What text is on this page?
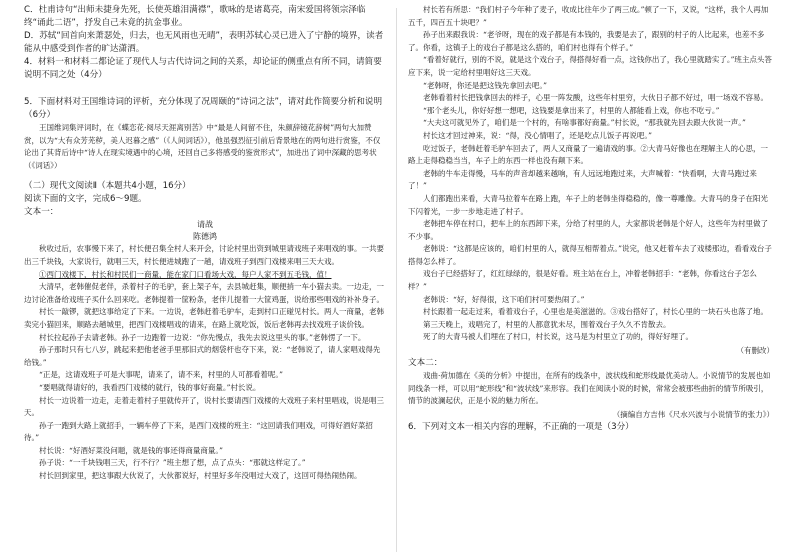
C．杜甫诗句“出师未捷身先死，长使英雄泪满襟”，歌咏的是诸葛亮，南宋爱国将领宗泽临终“诵此二语”，抒发自己未竟的抗金事业。

D．苏轼“回首向来萧瑟处，归去，也无风雨也无晴”，表明苏轼心灵已进入了宁静的境界，读者能从中感受到作者的旷达潇洒。

4．材料一和材料二都论证了现代人与古代诗词之间的关系，却论证的侧重点有所不同，请简要说明不同之处（4分）

5．下面材料对王国维诗词的评析，充分体现了况周颐的“诗词之法”，请对此作简要分析和说明（6分）

王国维词集评词时，在《蝶恋花·阅尽天涯离别苦》中“最是人间留不住，朱颜辞镜花辞树”两句大加赞赏，以为“大有众芳芜秽，美人迟暮之感”（《人间词话》），他虽强烈征引前后背景地在的两句进行赏鉴，不仅论出了其背后诗中“诗人在现实境遇中的心境，还回自己多将感受的鉴赏形式”，加进出了词中深藏的思考状（《词话》）

（二）现代文阅读Ⅱ（本题共4小题，16分）

阅读下面的文字，完成6～9题。

文本一：

请战

陈德鸿

秋收过后，农事慢下来了，村长便召集全村人来开会，讨论村里出资到城里请戏班子来唱戏的事。一共要出三千块钱，大家说行，就唱三天，村长便进城跑了一趟，请戏班子到西门戏楼来唱三天大戏。

①西门戏楼下，村长和村民们一商量，能在家门口看场大戏，每户人家不到五毛钱，值！

大清早，老韩催促老伴，杀着村子的毛驴，套上架子车，去县城赶集，顺便捎一车小猫去卖。一边走，一边讨论准备给戏班子买什么回来吃。老韩提着一筐粉条，老伴儿提着一大筐鸡蛋，说给那些唱戏的补补身子。

村长一敲锣，就把这事给定了下来。一边说，老韩赶着毛驴车，走到村口正碰见村长。两人一商量，老韩卖完小猫回来，顺路去趟城里，把西门戏楼唱戏的请来，在路上就吃饭，饭后老韩再去找戏班子谈价钱。

村长拉起孙子去请老韩。孙子一边跑着一边说：“你先慢点，我先去说这里头的事。”老韩愣了一下。

孙子那时只有七八岁，跳起来把他老爸手里那旧式的烟袋杆也夺下来，说：“老韩说了，请人家唱戏得先给钱。”

“正是，这请戏班子可是大事呢，请来了，请不来，村里的人可都看着呢。”

“要唱就得请好的，我看西门戏楼的就行，钱的事好商量。”村长说。

村长一边说着一边走，走着走着村子里就传开了，说村长要请西门戏楼的大戏班子来村里唱戏，说是唱三天。

孙子一跑到大路上就招手，一辆车停了下来，是西门戏楼的班主：“这回请我们唱戏，可得好酒好菜招待。”

村长说：“好酒好菜没问题，就是钱的事还得商量商量。”

孙子说：“一千块钱唱三天，行不行？”班主想了想，点了点头：“那就这样定了。”

村长回到家里，把这事跟大伙说了，大伙都说好，村里好多年没唱过大戏了，这回可得热闹热闹。

村长若有所思：“我们村子今年种了麦子，收成比往年少了两三成。”顿了一下，又说，“这样，我个人再加五千，四百五十块吧？”

孙子出来跟我说：“老爷呀，现在的戏子都是有本钱的，我要是去了，跟别的村子的人比起来，也差不多了。你看，这镇子上的戏台子都是这么搭的，咱们村也得有个样子。”

“看着好就行，别的不说，就是这个戏台子，得搭得好看一点，这钱你出了，我心里就踏实了。”班主点头答应下来，说一定给村里唱好这三天戏。

“老韩呀，你还是把这钱先拿回去吧。”

老韩看着村长把钱拿回去的样子，心里一阵发酸，这些年村里穷，大伙日子都不好过，唱一场戏不容易。

“那个老头儿，你好好想一想吧，这钱要是拿出来了，村里的人都能看上戏，你也不吃亏。”

“大夫这可就见外了，咱们是一个村的，有啥事都好商量。”村长说，“那我就先回去跟大伙说一声。”

村长这才回过神来，说：“得，没心情唱了，还是吃点儿饭子再说吧。”

吃过饭子，老韩赶着毛驴车回去了，两人又商量了一遍请戏的事。②大青马好像也在理解主人的心思，一路上走得稳稳当当，车子上的东西一样也没有颠下来。

老韩的牛车走得慢，马车的声音却越来越响，有人远远地跑过来，大声喊着：“快看啊，大青马跑过来了！”

人们都跑出来看，大青马拉着车在路上跑，车子上的老韩坐得稳稳的，像一尊雕像。大青马的身子在阳光下闪着光，一步一步地走进了村子。

老韩把车停在村口，把车上的东西卸下来，分给了村里的人，大家都说老韩是个好人，这些年为村里做了不少事。

老韩说：“这都是应该的，咱们村里的人，就得互相帮着点。”说完，他又赶着车去了戏楼那边，看看戏台子搭得怎么样了。

戏台子已经搭好了，红红绿绿的，很是好看。班主站在台上，冲着老韩招手：“老韩，你看这台子怎么样？”

老韩说：“好，好得很，这下咱们村可要热闹了。”

村长跟着一起走过来，看着戏台子，心里也是美滋滋的。③戏台搭好了，村长心里的一块石头也落了地。

第三天晚上，戏唱完了，村里的人都意犹未尽，围着戏台子久久不肯散去。

死了的大青马被人们埋在了村口，村长说，这马是为村里立了功的，得好好埋了。

（有删改）

文本二：

戏曲·荷加德在《美的分析》中提出，在所有的线条中，波状线和蛇形线最优美动人。小说情节的发展也如同线条一样，可以用“蛇形线”和“波状线”来形容。我们在阅读小说的时候，常常会被那些曲折的情节所吸引，情节的波澜起伏，正是小说的魅力所在。

（摘编自方吉伟《尺水兴波与小说情节的张力》）

6．下列对文本一相关内容的理解，不正确的一项是（3分）
